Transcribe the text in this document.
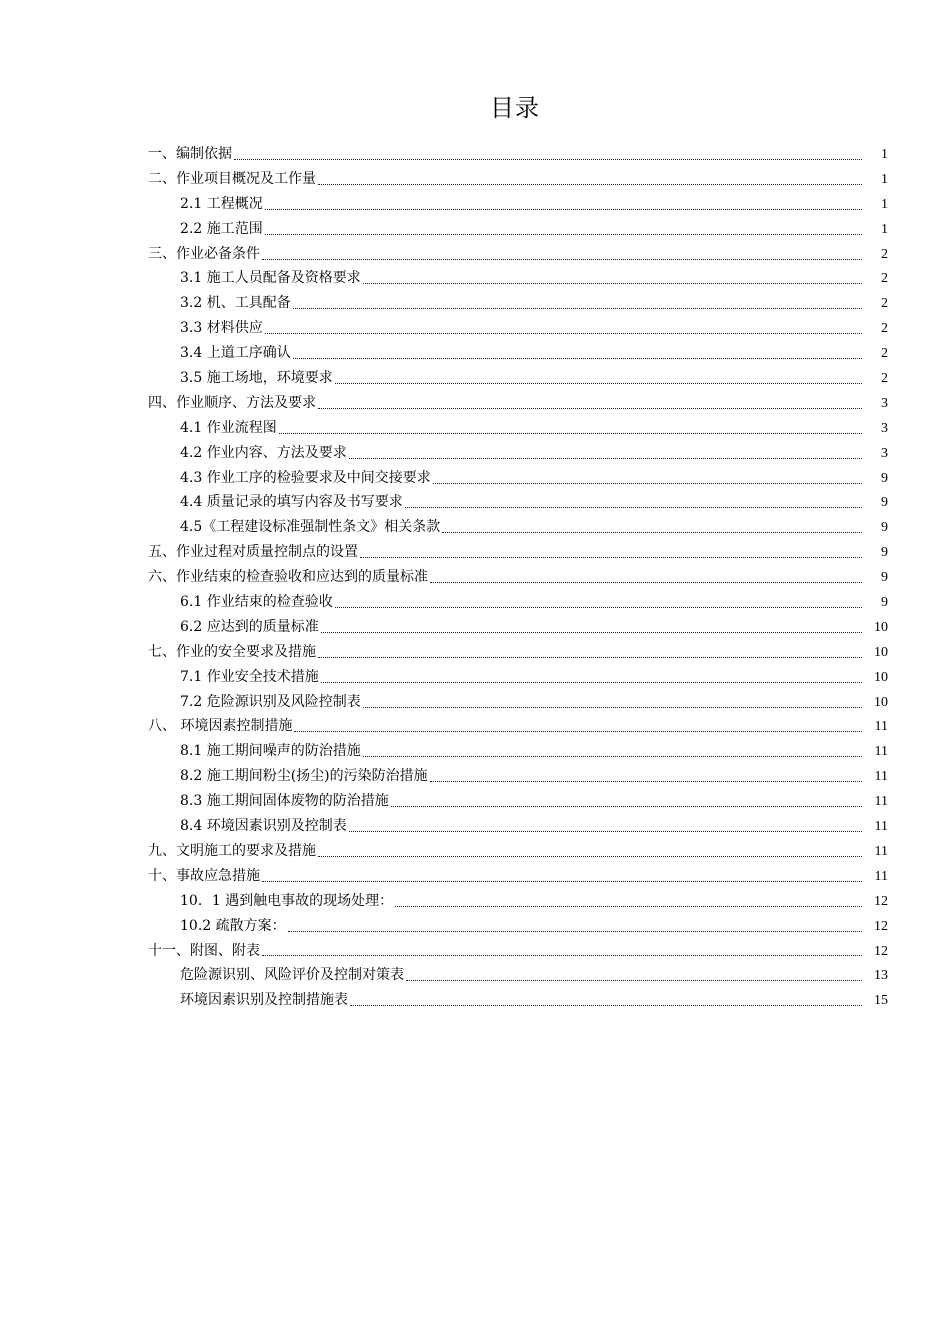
目录
一、编制依据	1
二、作业项目概况及工作量	1
2.1 工程概况	1
2.2 施工范围	1
三、作业必备条件	2
3.1 施工人员配备及资格要求	2
3.2 机、工具配备	2
3.3 材料供应	2
3.4 上道工序确认	2
3.5 施工场地，环境要求	2
四、作业顺序、方法及要求	3
4.1 作业流程图	3
4.2 作业内容、方法及要求	3
4.3 作业工序的检验要求及中间交接要求	9
4.4 质量记录的填写内容及书写要求	9
4.5《工程建设标准强制性条文》相关条款	9
五、作业过程对质量控制点的设置	9
六、作业结束的检查验收和应达到的质量标准	9
6.1 作业结束的检查验收	9
6.2 应达到的质量标准	10
七、作业的安全要求及措施	10
7.1 作业安全技术措施	10
7.2 危险源识别及风险控制表	10
八、 环境因素控制措施	11
8.1 施工期间噪声的防治措施	11
8.2 施工期间粉尘(扬尘)的污染防治措施	11
8.3 施工期间固体废物的防治措施	11
8.4 环境因素识别及控制表	11
九、文明施工的要求及措施	11
十、事故应急措施	11
10．1 遇到触电事故的现场处理：	12
10.2 疏散方案：	12
十一、附图、附表	12
危险源识别、风险评价及控制对策表	13
环境因素识别及控制措施表	15
